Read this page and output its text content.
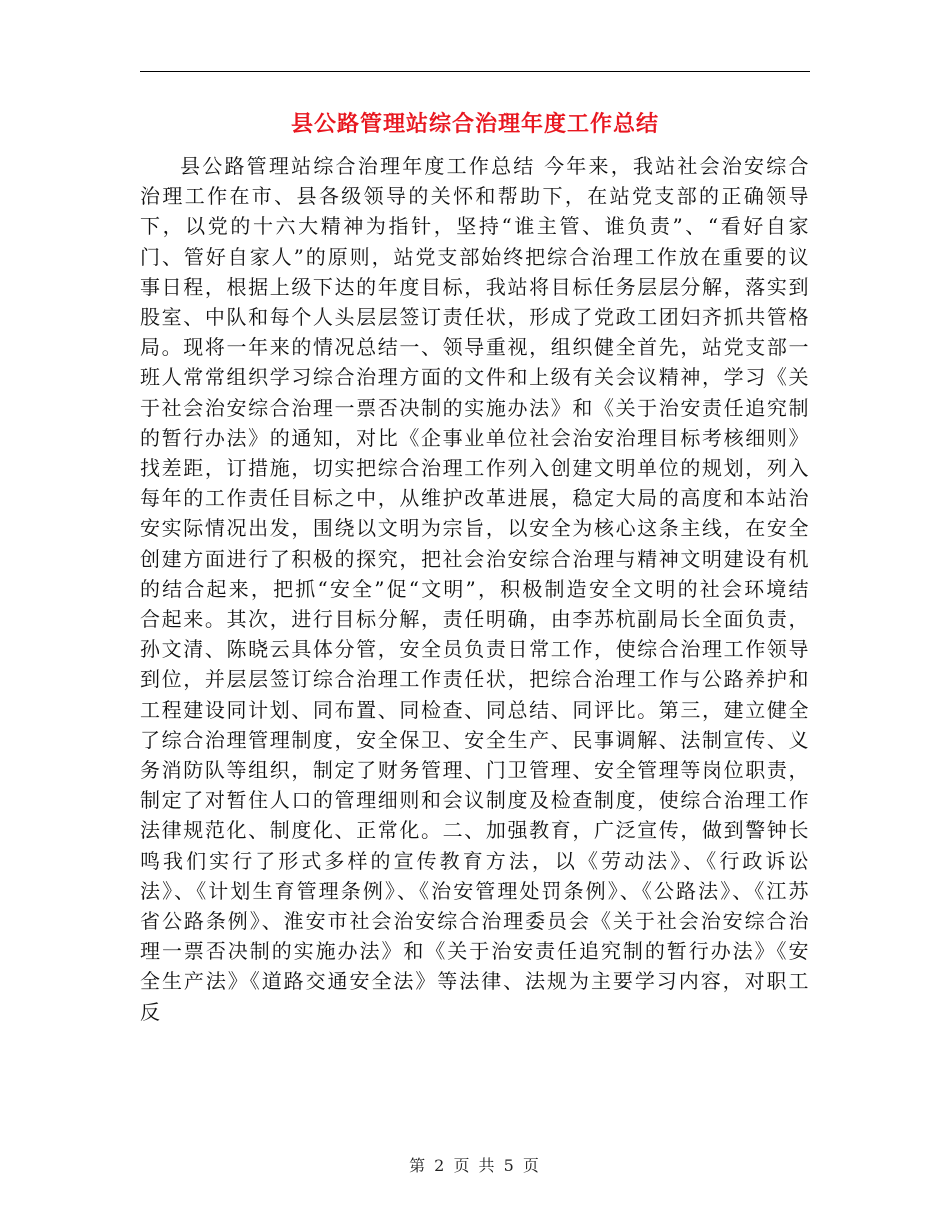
县公路管理站综合治理年度工作总结

县公路管理站综合治理年度工作总结 今年来，我站社会治安综合治理工作在市、县各级领导的关怀和帮助下，在站党支部的正确领导下，以党的十六大精神为指针，坚持“谁主管、谁负责”、“看好自家门、管好自家人”的原则，站党支部始终把综合治理工作放在重要的议事日程，根据上级下达的年度目标，我站将目标任务层层分解，落实到股室、中队和每个人头层层签订责任状，形成了党政工团妇齐抓共管格局。现将一年来的情况总结一、领导重视，组织健全首先，站党支部一班人常常组织学习综合治理方面的文件和上级有关会议精神，学习《关于社会治安综合治理一票否决制的实施办法》和《关于治安责任追究制的暂行办法》的通知，对比《企事业单位社会治安治理目标考核细则》找差距，订措施，切实把综合治理工作列入创建文明单位的规划，列入每年的工作责任目标之中，从维护改革进展，稳定大局的高度和本站治安实际情况出发，围绕以文明为宗旨，以安全为核心这条主线，在安全创建方面进行了积极的探究，把社会治安综合治理与精神文明建设有机的结合起来，把抓“安全”促“文明”，积极制造安全文明的社会环境结合起来。其次，进行目标分解，责任明确，由李苏杭副局长全面负责，孙文清、陈晓云具体分管，安全员负责日常工作，使综合治理工作领导到位，并层层签订综合治理工作责任状，把综合治理工作与公路养护和工程建设同计划、同布置、同检查、同总结、同评比。第三，建立健全了综合治理管理制度，安全保卫、安全生产、民事调解、法制宣传、义务消防队等组织，制定了财务管理、门卫管理、安全管理等岗位职责，制定了对暂住人口的管理细则和会议制度及检查制度，使综合治理工作法律规范化、制度化、正常化。二、加强教育，广泛宣传，做到警钟长鸣我们实行了形式多样的宣传教育方法，以《劳动法》、《行政诉讼法》、《计划生育管理条例》、《治安管理处罚条例》、《公路法》、《江苏省公路条例》、淮安市社会治安综合治理委员会《关于社会治安综合治理一票否决制的实施办法》和《关于治安责任追究制的暂行办法》《安全生产法》《道路交通安全法》等法律、法规为主要学习内容，对职工反

第 2 页 共 5 页
